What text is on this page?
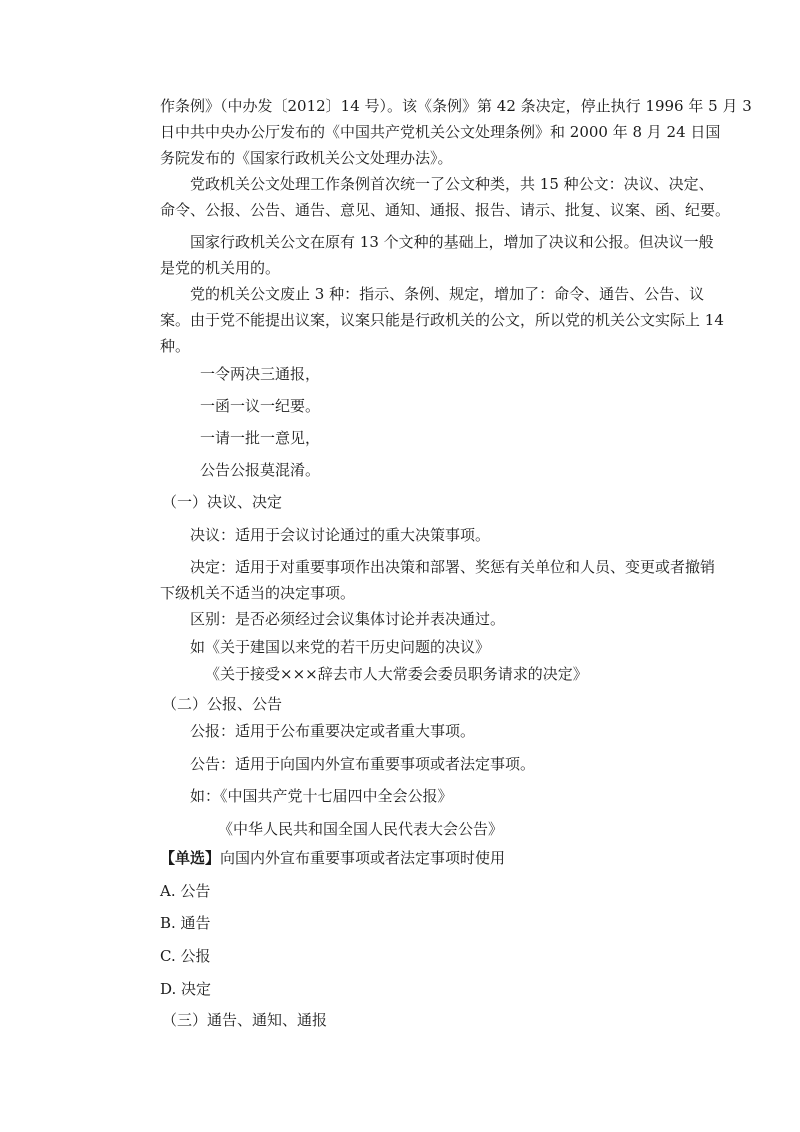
作条例》（中办发〔2012〕14 号）。该《条例》第 42 条决定，停止执行 1996 年 5 月 3
日中共中央办公厅发布的《中国共产党机关公文处理条例》和 2000 年 8 月 24 日国
务院发布的《国家行政机关公文处理办法》。
党政机关公文处理工作条例首次统一了公文种类，共 15 种公文：决议、决定、
命令、公报、公告、通告、意见、通知、通报、报告、请示、批复、议案、函、纪要。
国家行政机关公文在原有 13 个文种的基础上，增加了决议和公报。但决议一般
是党的机关用的。
党的机关公文废止 3 种：指示、条例、规定，增加了：命令、通告、公告、议
案。由于党不能提出议案，议案只能是行政机关的公文，所以党的机关公文实际上 14
种。
一令两决三通报，
一函一议一纪要。
一请一批一意见，
公告公报莫混淆。
（一）决议、决定
决议：适用于会议讨论通过的重大决策事项。
决定：适用于对重要事项作出决策和部署、奖惩有关单位和人员、变更或者撤销
下级机关不适当的决定事项。
区别：是否必须经过会议集体讨论并表决通过。
如《关于建国以来党的若干历史问题的决议》
《关于接受×××辞去市人大常委会委员职务请求的决定》
（二）公报、公告
公报：适用于公布重要决定或者重大事项。
公告：适用于向国内外宣布重要事项或者法定事项。
如：《中国共产党十七届四中全会公报》
《中华人民共和国全国人民代表大会公告》
【单选】向国内外宣布重要事项或者法定事项时使用
A. 公告
B. 通告
C. 公报
D. 决定
（三）通告、通知、通报
